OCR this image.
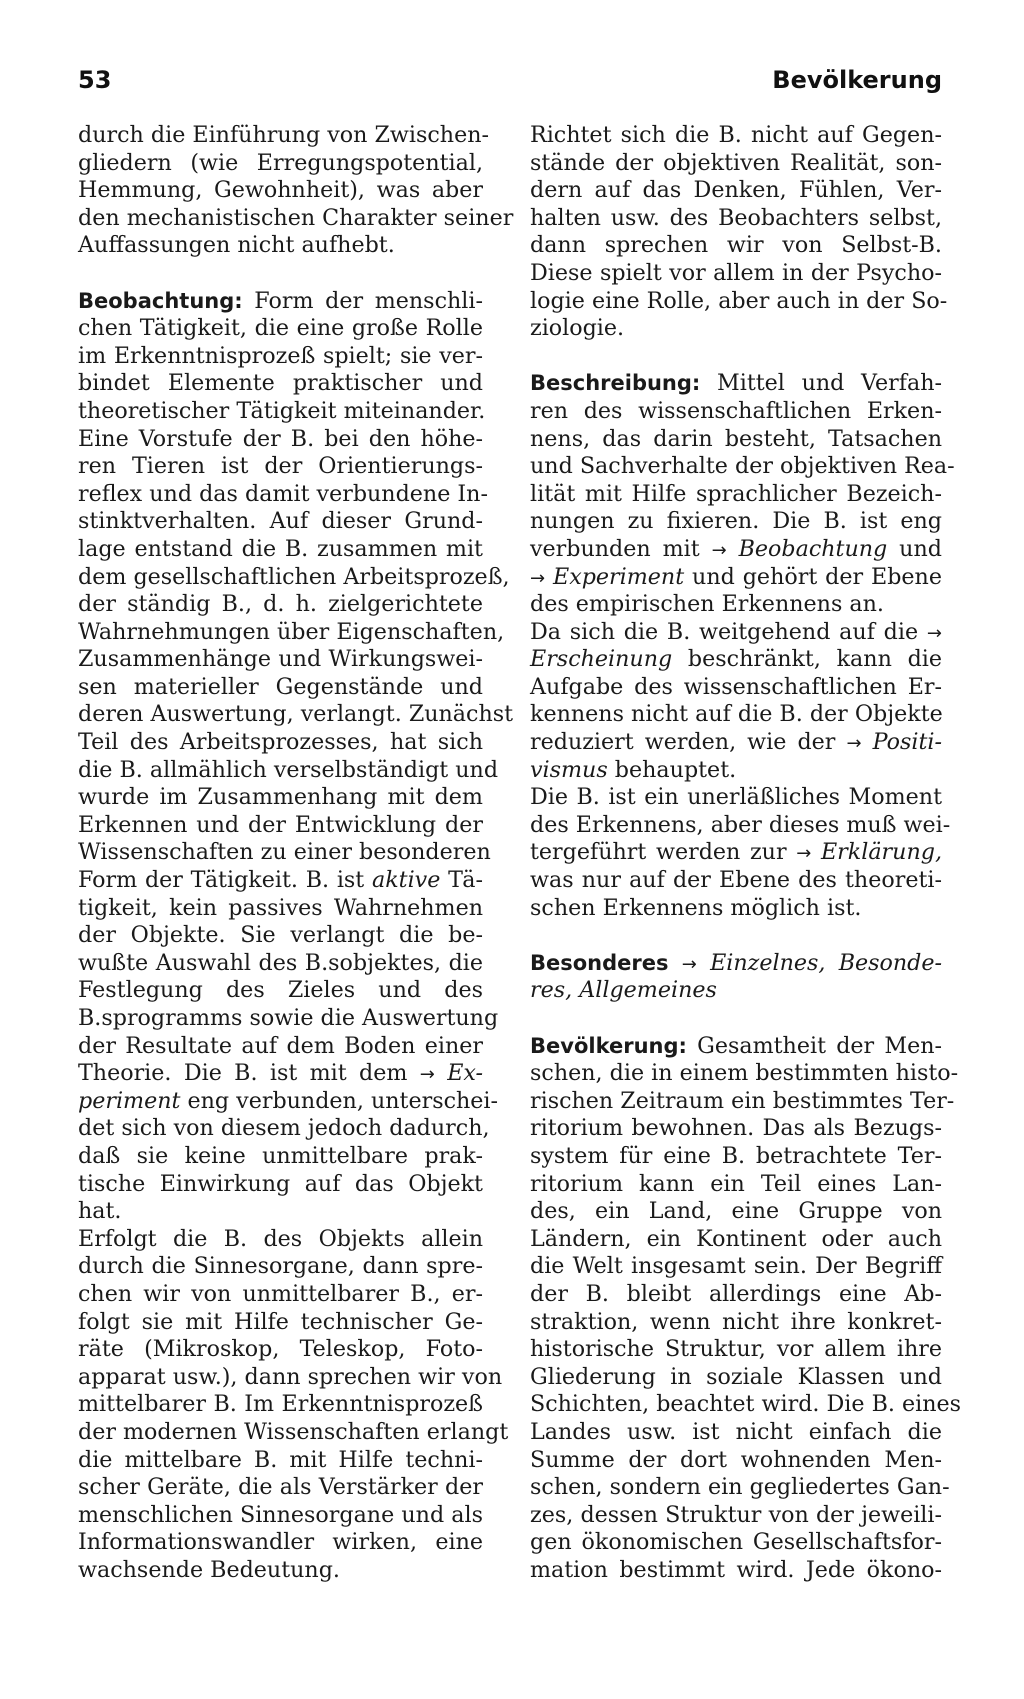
53	Bevölkerung
durch die Einführung von Zwischen-
gliedern (wie Erregungspotential,
Hemmung, Gewohnheit), was aber
den mechanistischen Charakter seiner
Auffassungen nicht aufhebt.
Beobachtung: Form der menschli-
chen Tätigkeit, die eine große Rolle
im Erkenntnisprozeß spielt; sie ver-
bindet Elemente praktischer und
theoretischer Tätigkeit miteinander.
Eine Vorstufe der B. bei den höhe-
ren Tieren ist der Orientierungs-
reflex und das damit verbundene In-
stinktverhalten. Auf dieser Grund-
lage entstand die B. zusammen mit
dem gesellschaftlichen Arbeitsprozeß,
der ständig B., d. h. zielgerichtete
Wahrnehmungen über Eigenschaften,
Zusammenhänge und Wirkungswei-
sen materieller Gegenstände und
deren Auswertung, verlangt. Zunächst
Teil des Arbeitsprozesses, hat sich
die B. allmählich verselbständigt und
wurde im Zusammenhang mit dem
Erkennen und der Entwicklung der
Wissenschaften zu einer besonderen
Form der Tätigkeit. B. ist aktive Tä-
tigkeit, kein passives Wahrnehmen
der Objekte. Sie verlangt die be-
wußte Auswahl des B.sobjektes, die
Festlegung des Zieles und des
B.sprogramms sowie die Auswertung
der Resultate auf dem Boden einer
Theorie. Die B. ist mit dem → Ex-
periment eng verbunden, unterschei-
det sich von diesem jedoch dadurch,
daß sie keine unmittelbare prak-
tische Einwirkung auf das Objekt
hat.
Erfolgt die B. des Objekts allein
durch die Sinnesorgane, dann spre-
chen wir von unmittelbarer B., er-
folgt sie mit Hilfe technischer Ge-
räte (Mikroskop, Teleskop, Foto-
apparat usw.), dann sprechen wir von
mittelbarer B. Im Erkenntnisprozeß
der modernen Wissenschaften erlangt
die mittelbare B. mit Hilfe techni-
scher Geräte, die als Verstärker der
menschlichen Sinnesorgane und als
Informationswandler wirken, eine
wachsende Bedeutung.
Richtet sich die B. nicht auf Gegen-
stände der objektiven Realität, son-
dern auf das Denken, Fühlen, Ver-
halten usw. des Beobachters selbst,
dann sprechen wir von Selbst-B.
Diese spielt vor allem in der Psycho-
logie eine Rolle, aber auch in der So-
ziologie.
Beschreibung: Mittel und Verfah-
ren des wissenschaftlichen Erken-
nens, das darin besteht, Tatsachen
und Sachverhalte der objektiven Rea-
lität mit Hilfe sprachlicher Bezeich-
nungen zu fixieren. Die B. ist eng
verbunden mit → Beobachtung und
→ Experiment und gehört der Ebene
des empirischen Erkennens an.
Da sich die B. weitgehend auf die →
Erscheinung beschränkt, kann die
Aufgabe des wissenschaftlichen Er-
kennens nicht auf die B. der Objekte
reduziert werden, wie der → Positi-
vismus behauptet.
Die B. ist ein unerläßliches Moment
des Erkennens, aber dieses muß wei-
tergeführt werden zur → Erklärung,
was nur auf der Ebene des theoreti-
schen Erkennens möglich ist.
Besonderes → Einzelnes, Besonde-
res, Allgemeines
Bevölkerung: Gesamtheit der Men-
schen, die in einem bestimmten histo-
rischen Zeitraum ein bestimmtes Ter-
ritorium bewohnen. Das als Bezugs-
system für eine B. betrachtete Ter-
ritorium kann ein Teil eines Lan-
des, ein Land, eine Gruppe von
Ländern, ein Kontinent oder auch
die Welt insgesamt sein. Der Begriff
der B. bleibt allerdings eine Ab-
straktion, wenn nicht ihre konkret-
historische Struktur, vor allem ihre
Gliederung in soziale Klassen und
Schichten, beachtet wird. Die B. eines
Landes usw. ist nicht einfach die
Summe der dort wohnenden Men-
schen, sondern ein gegliedertes Gan-
zes, dessen Struktur von der jeweili-
gen ökonomischen Gesellschaftsfor-
mation bestimmt wird. Jede ökono-
